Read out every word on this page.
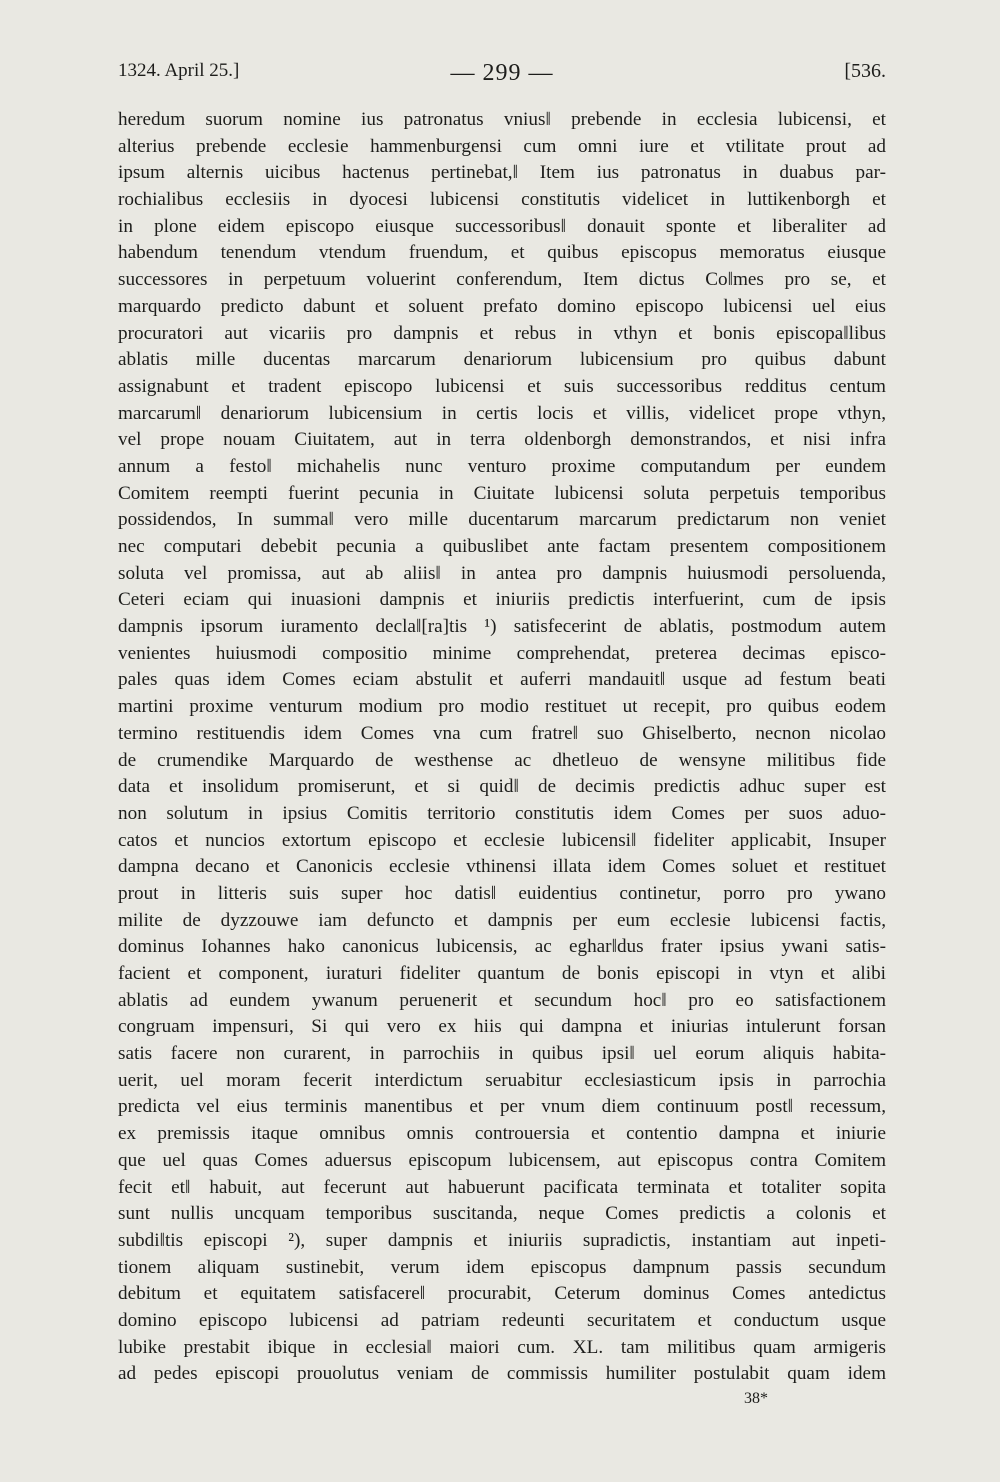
1324. April 25.]	— 299 —	[536.
heredum suorum nomine ius patronatus vnius‖ prebende in ecclesia lubicensi, et
alterius prebende ecclesie hammenburgensi cum omni iure et vtilitate prout ad
ipsum alternis uicibus hactenus pertinebat,‖ Item ius patronatus in duabus par-
rochialibus ecclesiis in dyocesi lubicensi constitutis videlicet in luttikenborgh et
in plone eidem episcopo eiusque successoribus‖ donauit sponte et liberaliter ad
habendum tenendum vtendum fruendum, et quibus episcopus memoratus eiusque
successores in perpetuum voluerint conferendum, Item dictus Co‖mes pro se, et
marquardo predicto dabunt et soluent prefato domino episcopo lubicensi uel eius
procuratori aut vicariis pro dampnis et rebus in vthyn et bonis episcopa‖libus
ablatis mille ducentas marcarum denariorum lubicensium pro quibus dabunt
assignabunt et tradent episcopo lubicensi et suis successoribus redditus centum
marcarum‖ denariorum lubicensium in certis locis et villis, videlicet prope vthyn,
vel prope nouam Ciuitatem, aut in terra oldenborgh demonstrandos, et nisi infra
annum a festo‖ michahelis nunc venturo proxime computandum per eundem
Comitem reempti fuerint pecunia in Ciuitate lubicensi soluta perpetuis temporibus
possidendos, In summa‖ vero mille ducentarum marcarum predictarum non veniet
nec computari debebit pecunia a quibuslibet ante factam presentem compositionem
soluta vel promissa, aut ab aliis‖ in antea pro dampnis huiusmodi persoluenda,
Ceteri eciam qui inuasioni dampnis et iniuriis predictis interfuerint, cum de ipsis
dampnis ipsorum iuramento decla‖[ra]tis ¹) satisfecerint de ablatis, postmodum autem
venientes huiusmodi compositio minime comprehendat, preterea decimas episco-
pales quas idem Comes eciam abstulit et auferri mandauit‖ usque ad festum beati
martini proxime venturum modium pro modio restituet ut recepit, pro quibus eodem
termino restituendis idem Comes vna cum fratre‖ suo Ghiselberto, necnon nicolao
de crumendike Marquardo de westhense ac dhetleuo de wensyne militibus fide
data et insolidum promiserunt, et si quid‖ de decimis predictis adhuc super est
non solutum in ipsius Comitis territorio constitutis idem Comes per suos aduo-
catos et nuncios extortum episcopo et ecclesie lubicensi‖ fideliter applicabit, Insuper
dampna decano et Canonicis ecclesie vthinensi illata idem Comes soluet et restituet
prout in litteris suis super hoc datis‖ euidentius continetur, porro pro ywano
milite de dyzzouwe iam defuncto et dampnis per eum ecclesie lubicensi factis,
dominus Iohannes hako canonicus lubicensis, ac eghar‖dus frater ipsius ywani satis-
facient et component, iuraturi fideliter quantum de bonis episcopi in vtyn et alibi
ablatis ad eundem ywanum peruenerit et secundum hoc‖ pro eo satisfactionem
congruam impensuri, Si qui vero ex hiis qui dampna et iniurias intulerunt forsan
satis facere non curarent, in parrochiis in quibus ipsi‖ uel eorum aliquis habita-
uerit, uel moram fecerit interdictum seruabitur ecclesiasticum ipsis in parrochia
predicta vel eius terminis manentibus et per vnum diem continuum post‖ recessum,
ex premissis itaque omnibus omnis controuersia et contentio dampna et iniurie
que uel quas Comes aduersus episcopum lubicensem, aut episcopus contra Comitem
fecit et‖ habuit, aut fecerunt aut habuerunt pacificata terminata et totaliter sopita
sunt nullis uncquam temporibus suscitanda, neque Comes predictis a colonis et
subdi‖tis episcopi ²), super dampnis et iniuriis supradictis, instantiam aut inpeti-
tionem aliquam sustinebit, verum idem episcopus dampnum passis secundum
debitum et equitatem satisfacere‖ procurabit, Ceterum dominus Comes antedictus
domino episcopo lubicensi ad patriam redeunti securitatem et conductum usque
lubike prestabit ibique in ecclesia‖ maiori cum. XL. tam militibus quam armigeris
ad pedes episcopi prouolutus veniam de commissis humiliter postulabit quam idem
38*
